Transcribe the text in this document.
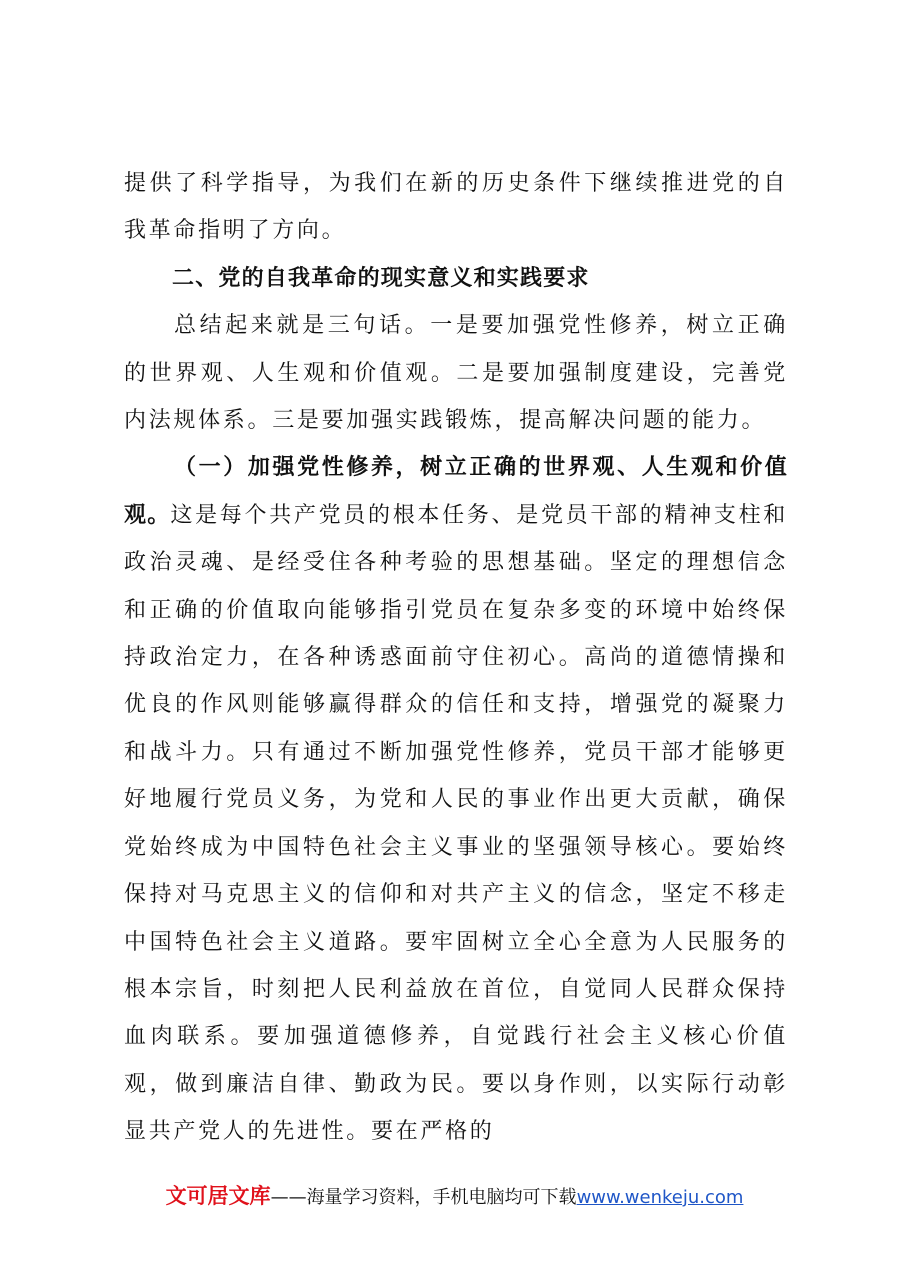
提供了科学指导，为我们在新的历史条件下继续推进党的自我革命指明了方向。

二、党的自我革命的现实意义和实践要求

总结起来就是三句话。一是要加强党性修养，树立正确的世界观、人生观和价值观。二是要加强制度建设，完善党内法规体系。三是要加强实践锻炼，提高解决问题的能力。

（一）加强党性修养，树立正确的世界观、人生观和价值观。这是每个共产党员的根本任务、是党员干部的精神支柱和政治灵魂、是经受住各种考验的思想基础。坚定的理想信念和正确的价值取向能够指引党员在复杂多变的环境中始终保持政治定力，在各种诱惑面前守住初心。高尚的道德情操和优良的作风则能够赢得群众的信任和支持，增强党的凝聚力和战斗力。只有通过不断加强党性修养，党员干部才能够更好地履行党员义务，为党和人民的事业作出更大贡献，确保党始终成为中国特色社会主义事业的坚强领导核心。要始终保持对马克思主义的信仰和对共产主义的信念，坚定不移走中国特色社会主义道路。要牢固树立全心全意为人民服务的根本宗旨，时刻把人民利益放在首位，自觉同人民群众保持血肉联系。要加强道德修养，自觉践行社会主义核心价值观，做到廉洁自律、勤政为民。要以身作则，以实际行动彰显共产党人的先进性。要在严格的

文可居文库——海量学习资料，手机电脑均可下载www.wenkeju.com
